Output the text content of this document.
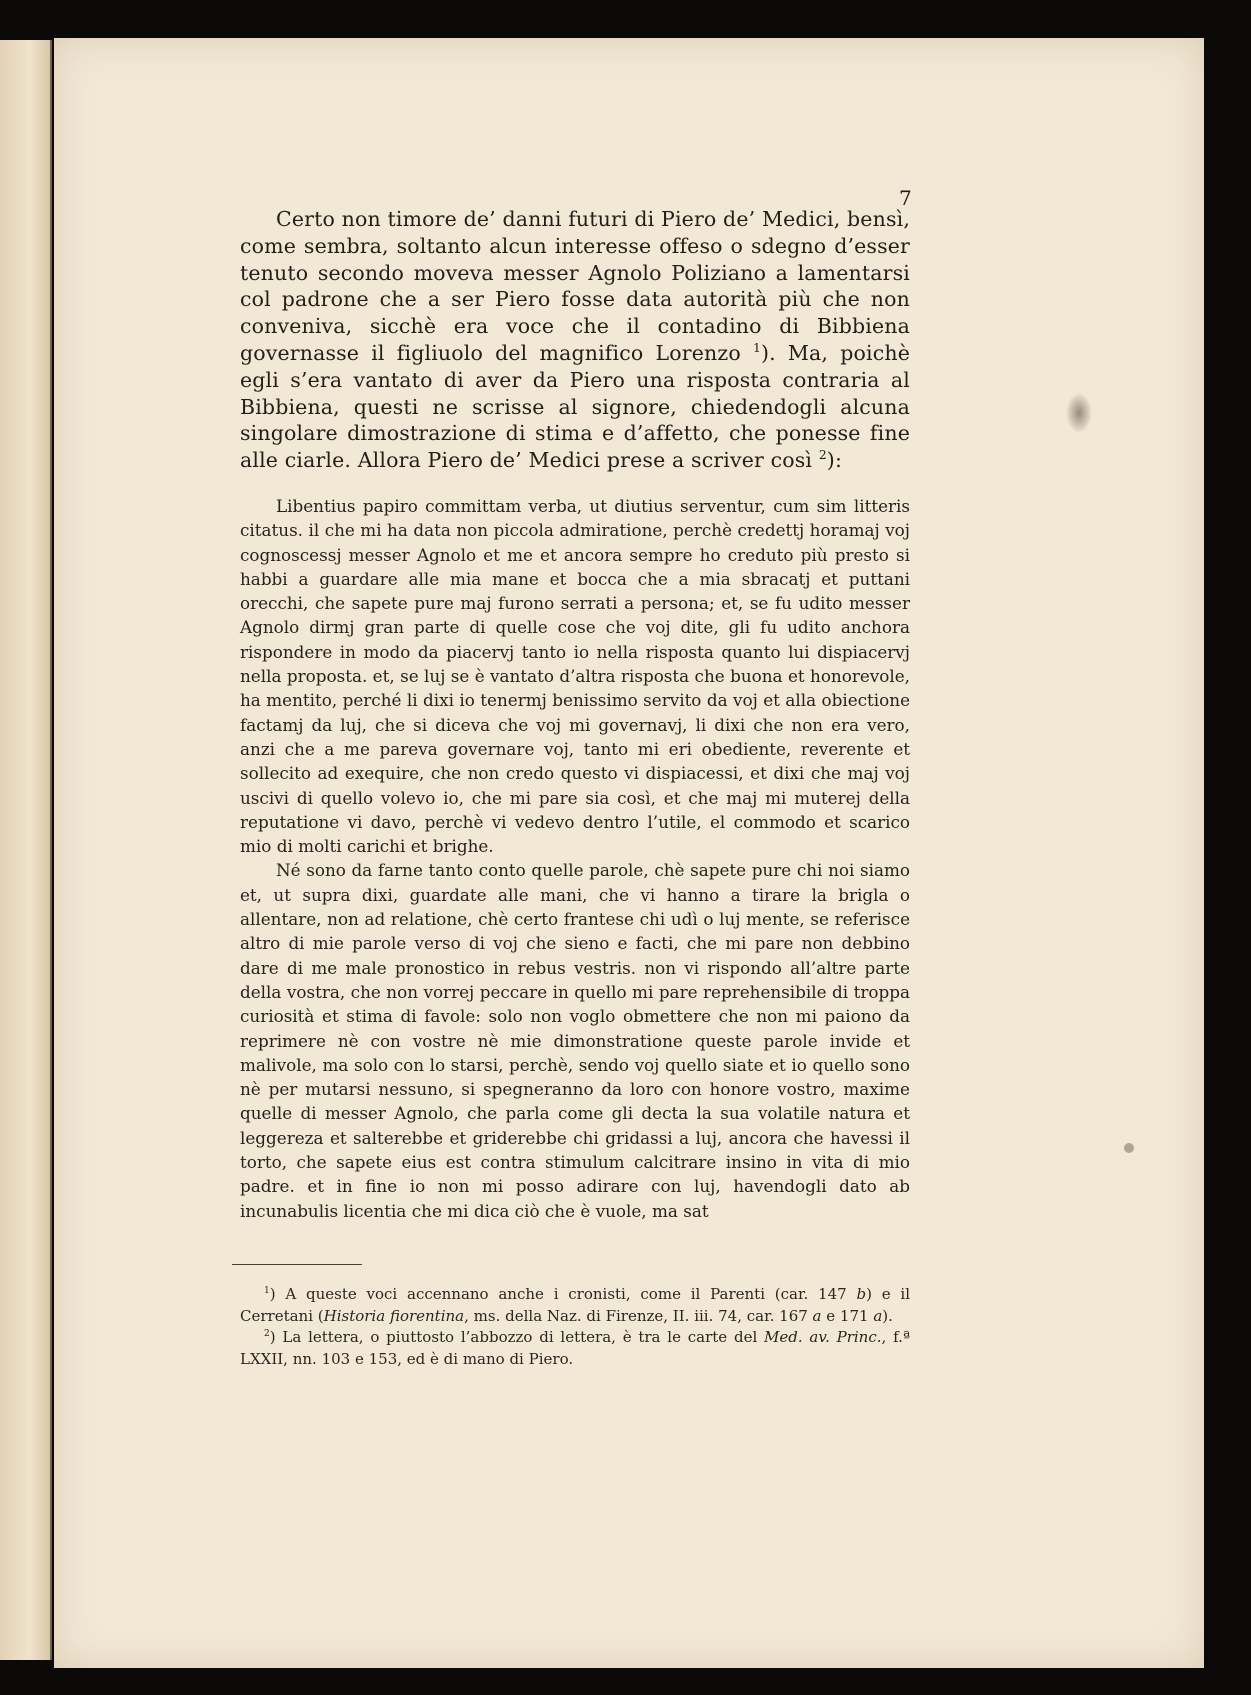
7

Certo non timore de’ danni futuri di Piero de’ Medici, bensì, come sembra, soltanto alcun interesse offeso o sdegno d’esser tenuto secondo moveva messer Agnolo Poliziano a lamentarsi col padrone che a ser Piero fosse data autorità più che non conveniva, sicchè era voce che il contadino di Bibbiena governasse il figliuolo del magnifico Lorenzo $^1$). Ma, poichè egli s’era vantato di aver da Piero una risposta contraria al Bibbiena, questi ne scrisse al signore, chiedendogli alcuna singolare dimostrazione di stima e d’affetto, che ponesse fine alle ciarle. Allora Piero de’ Medici prese a scriver così $^2$):

Libentius papiro committam verba, ut diutius serventur, cum sim litteris citatus. il che mi ha data non piccola admiratione, perchè credettj horamaj voj cognoscessj messer Agnolo et me et ancora sempre ho creduto più presto si habbi a guardare alle mia mane et bocca che a mia sbracatj et puttani orecchi, che sapete pure maj furono serrati a persona; et, se fu udito messer Agnolo dirmj gran parte di quelle cose che voj dite, gli fu udito anchora rispondere in modo da piacervj tanto io nella risposta quanto lui dispiacervj nella proposta. et, se luj se è vantato d’altra risposta che buona et honorevole, ha mentito, perché li dixi io tenermj benissimo servito da voj et alla obiectione factamj da luj, che si diceva che voj mi governavj, li dixi che non era vero, anzi che a me pareva governare voj, tanto mi eri obediente, reverente et sollecito ad exequire, che non credo questo vi dispiacessi, et dixi che maj voj uscivi di quello volevo io, che mi pare sia così, et che maj mi muterej della reputatione vi davo, perchè vi vedevo dentro l’utile, el commodo et scarico mio di molti carichi et brighe.

Né sono da farne tanto conto quelle parole, chè sapete pure chi noi siamo et, ut supra dixi, guardate alle mani, che vi hanno a tirare la brigla o allentare, non ad relatione, chè certo frantese chi udì o luj mente, se referisce altro di mie parole verso di voj che sieno e facti, che mi pare non debbino dare di me male pronostico in rebus vestris. non vi rispondo all’altre parte della vostra, che non vorrej peccare in quello mi pare reprehensibile di troppa curiosità et stima di favole: solo non voglo obmettere che non mi paiono da reprimere nè con vostre nè mie dimonstratione queste parole invide et malivole, ma solo con lo starsi, perchè, sendo voj quello siate et io quello sono nè per mutarsi nessuno, si spegneranno da loro con honore vostro, maxime quelle di messer Agnolo, che parla come gli decta la sua volatile natura et leggereza et salterebbe et griderebbe chi gridassi a luj, ancora che havessi il torto, che sapete eius est contra stimulum calcitrare insino in vita di mio padre. et in fine io non mi posso adirare con luj, havendogli dato ab incunabulis licentia che mi dica ciò che è vuole, ma sat

$^1$) A queste voci accennano anche i cronisti, come il Parenti (car. 147 b) e il Cerretani (Historia fiorentina, ms. della Naz. di Firenze, II. iii. 74, car. 167 a e 171 a).

$^2$) La lettera, o piuttosto l’abbozzo di lettera, è tra le carte del Med. av. Princ., f.ª LXXII, nn. 103 e 153, ed è di mano di Piero.
